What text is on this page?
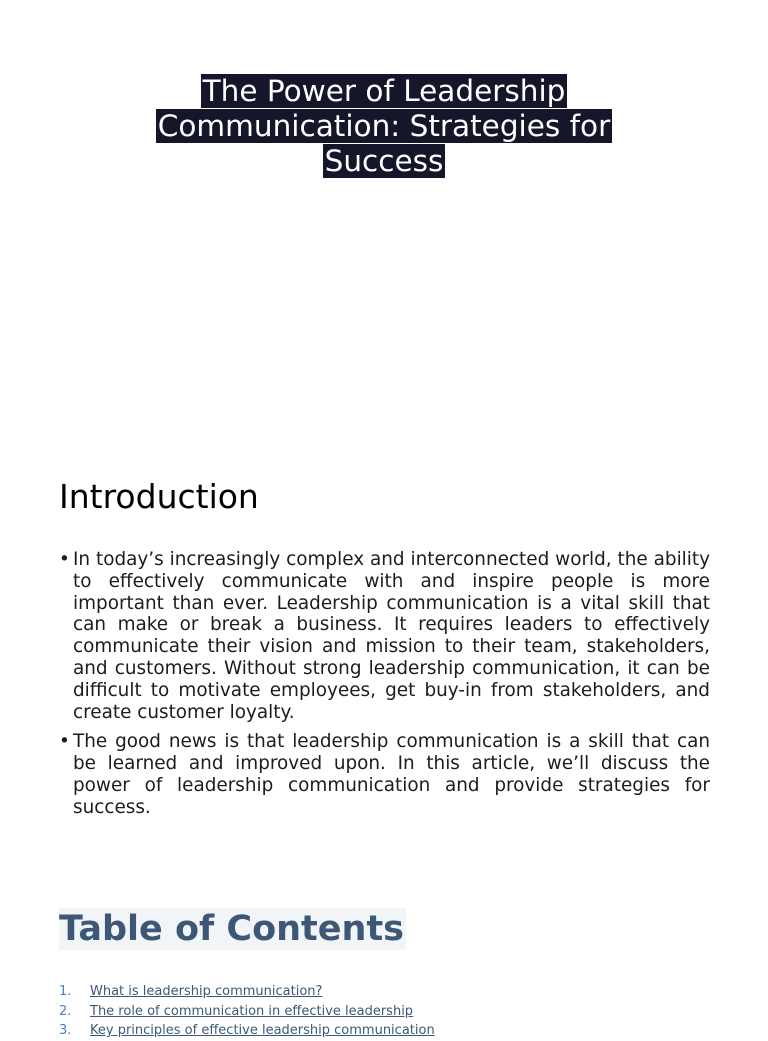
The Power of Leadership
Communication: Strategies for
Success
Introduction
• In today’s increasingly complex and interconnected world, the ability to effectively communicate with and inspire people is more important than ever. Leadership communication is a vital skill that can make or break a business. It requires leaders to effectively communicate their vision and mission to their team, stakeholders, and customers. Without strong leadership communication, it can be difficult to motivate employees, get buy-in from stakeholders, and create customer loyalty.
• The good news is that leadership communication is a skill that can be learned and improved upon. In this article, we’ll discuss the power of leadership communication and provide strategies for success.
Table of Contents
1. What is leadership communication?
2. The role of communication in effective leadership
3. Key principles of effective leadership communication
